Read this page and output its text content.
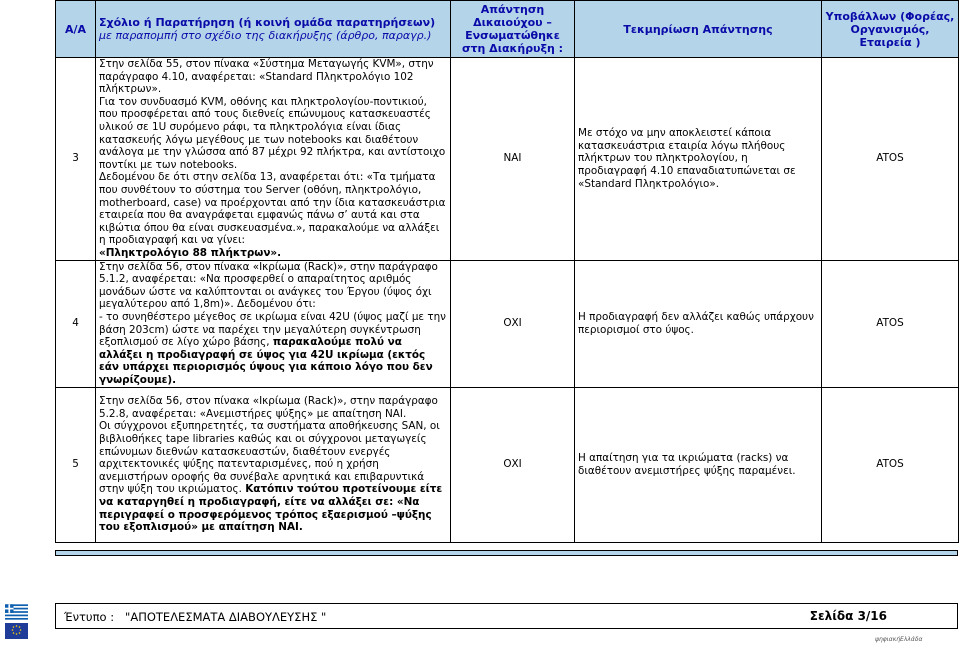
Α/Α	Σχόλιο ή Παρατήρηση (ή κοινή ομάδα παρατηρήσεων)
με παραπομπή στο σχέδιο της διακήρυξης (άρθρο, παραγρ.)	Απάντηση Δικαιούχου – Ενσωματώθηκε στη Διακήρυξη :	Τεκμηρίωση Απάντησης	Υποβάλλων (Φορέας, Οργανισμός, Εταιρεία )
3	Στην σελίδα 55, στον πίνακα «Σύστημα Μεταγωγής KVM», στην παράγραφο 4.10, αναφέρεται: «Standard Πληκτρολόγιο 102 πλήκτρων».

Για τον συνδυασμό KVM, οθόνης και πληκτρολογίου-ποντικιού, που προσφέρεται από τους διεθνείς επώνυμους κατασκευαστές υλικού σε 1U συρόμενο ράφι, τα πληκτρολόγια είναι ίδιας κατασκευής λόγω μεγέθους με των notebooks και διαθέτουν ανάλογα με την γλώσσα από 87 μέχρι 92 πλήκτρα, και αντίστοιχο ποντίκι με των notebooks.

Δεδομένου δε ότι στην σελίδα 13, αναφέρεται ότι: «Τα τμήματα που συνθέτουν το σύστημα του Server (οθόνη, πληκτρολόγιο, motherboard, case) να προέρχονται από την ίδια κατασκευάστρια εταιρεία που θα αναγράφεται εμφανώς πάνω σ’ αυτά και στα κιβώτια όπου θα είναι συσκευασμένα.», παρακαλούμε να αλλάξει η προδιαγραφή και να γίνει:
«Πληκτρολόγιο 88 πλήκτρων».	ΝΑΙ	Με στόχο να μην αποκλειστεί κάποια κατασκευάστρια εταιρία λόγω πλήθους πλήκτρων του πληκτρολογίου, η προδιαγραφή 4.10 επαναδιατυπώνεται σε «Standard Πληκτρολόγιο».	ATOS
4	Στην σελίδα 56, στον πίνακα «Ικρίωμα (Rack)», στην παράγραφο 5.1.2, αναφέρεται: «Να προσφερθεί ο απαραίτητος αριθμός μονάδων ώστε να καλύπτονται οι ανάγκες του Έργου (ύψος όχι μεγαλύτερου από 1,8m)». Δεδομένου ότι:

- το συνηθέστερο μέγεθος σε ικρίωμα είναι 42U (ύψος μαζί με την βάση 203cm) ώστε να παρέχει την μεγαλύτερη συγκέντρωση εξοπλισμού σε λίγο χώρο βάσης, παρακαλούμε πολύ να αλλάξει η προδιαγραφή σε ύψος για 42U ικρίωμα (εκτός εάν υπάρχει περιορισμός ύψους για κάποιο λόγο που δεν γνωρίζουμε).	ΟΧΙ	Η προδιαγραφή δεν αλλάζει καθώς υπάρχουν περιορισμοί στο ύψος.	ATOS
5	Στην σελίδα 56, στον πίνακα «Ικρίωμα (Rack)», στην παράγραφο 5.2.8, αναφέρεται: «Ανεμιστήρες ψύξης» με απαίτηση ΝΑΙ.

Οι σύγχρονοι εξυπηρετητές, τα συστήματα αποθήκευσης SAN, οι βιβλιοθήκες tape libraries καθώς και οι σύγχρονοι μεταγωγείς επώνυμων διεθνών κατασκευαστών, διαθέτουν ενεργές αρχιτεκτονικές ψύξης πατενταρισμένες, πού η χρήση ανεμιστήρων οροφής θα συνέβαλε αρνητικά και επιβαρυντικά στην ψύξη του ικριώματος. Κατόπιν τούτου προτείνουμε είτε να καταργηθεί η προδιαγραφή, είτε να αλλάξει σε: «Να περιγραφεί ο προσφερόμενος τρόπος εξαερισμού –ψύξης του εξοπλισμού» με απαίτηση ΝΑΙ.	ΟΧΙ	Η απαίτηση για τα ικριώματα (racks) να διαθέτουν ανεμιστήρες ψύξης παραμένει.	ATOS
Έντυπο : "ΑΠΟΤΕΛΕΣΜΑΤΑ ΔΙΑΒΟΥΛΕΥΣΗΣ "	Σελίδα 3/16
ψηφιακήΕλλάδα
